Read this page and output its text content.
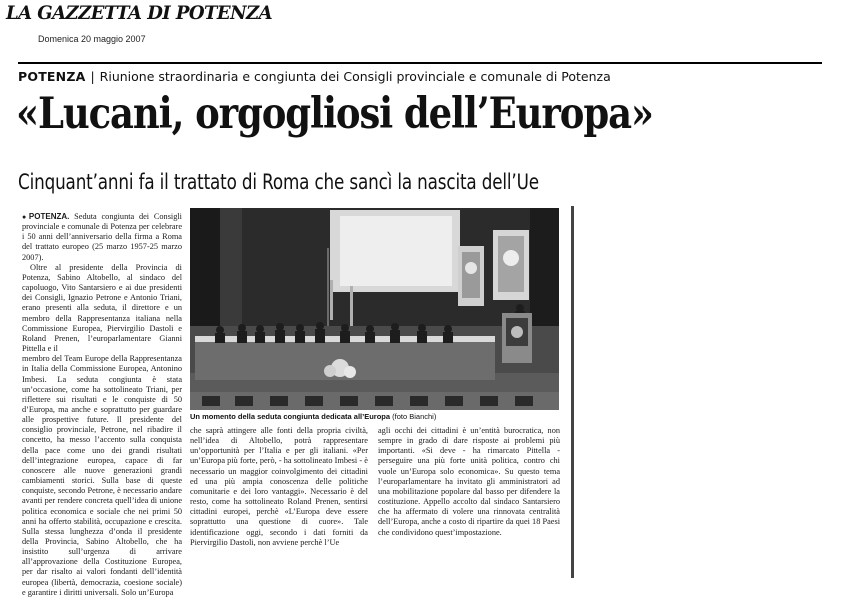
LA GAZZETTA DI POTENZA
Domenica 20 maggio 2007
POTENZA | Riunione straordinaria e congiunta dei Consigli provinciale e comunale di Potenza
«Lucani, orgogliosi dell’Europa»
Cinquant’anni fa il trattato di Roma che sancì la nascita dell’Ue

●POTENZA. Seduta congiunta dei Consigli provinciale e comunale di Potenza per celebrare i 50 anni dell’anniversario della firma a Roma del trattato europeo (25 marzo 1957-25 marzo 2007).

Oltre al presidente della Provincia di Potenza, Sabino Altobello, al sindaco del capoluogo, Vito Santarsiero e ai due presidenti dei Consigli, Ignazio Petrone e Antonio Triani, erano presenti alla seduta, il direttore e un membro della Rappresentanza italiana nella Commissione Europea, Piervirgilio Dastoli e Roland Prenen, l’europarlamentare Gianni Pittella e il

membro del Team Europe della Rappresentanza in Italia della Commissione Europea, Antonino Imbesi. La seduta congiunta è stata un’occasione, come ha sottolineato Triani, per riflettere sui risultati e le conquiste di 50 d’Europa, ma anche e soprattutto per guardare alle prospettive future. Il presidente del consiglio provinciale, Petrone, nel ribadire il concetto, ha messo l’accento sulla conquista della pace come uno dei grandi risultati dell’integrazione europea, capace di far conoscere alle nuove generazioni grandi cambiamenti storici. Sulla base di queste conquiste, secondo Petrone, è necessario andare avanti per rendere concreta quell’idea di unione politica economica e sociale che nei primi 50 anni ha offerto stabilità, occupazione e crescita. Sulla stessa lunghezza d’onda il presidente della Provincia, Sabino Altobello, che ha insistito sull’urgenza di arrivare all’approvazione della Costituzione Europea, per dar risalto ai valori fondanti dell’identità europea (libertà, democrazia, coesione sociale) e garantire i diritti universali. Solo un’Europa

Un momento della seduta congiunta dedicata all’Europa (foto Bianchi)

che saprà attingere alle fonti della propria civiltà, nell’idea di Altobello, potrà rappresentare un’opportunità per l’Italia e per gli italiani. «Per un’Europa più forte, però, - ha sottolineato Imbesi - è necessario un maggior coinvolgimento dei cittadini ed una più ampia conoscenza delle politiche comunitarie e dei loro vantaggi». Necessario è del resto, come ha sottolineato Roland Prenen, sentirsi cittadini europei, perchè «L’Europa deve essere soprattutto una questione di cuore». Tale identificazione oggi, secondo i dati forniti da Piervirgilio Dastoli, non avviene perchè l’Ue

agli occhi dei cittadini è un’entità burocratica, non sempre in grado di dare risposte ai problemi più importanti. «Si deve - ha rimarcato Pittella - perseguire una più forte unità politica, contro chi vuole un’Europa solo economica». Su questo tema l’europarlamentare ha invitato gli amministratori ad una mobilitazione popolare dal basso per difendere la costituzione. Appello accolto dal sindaco Santarsiero che ha affermato di volere una rinnovata centralità dell’Europa, anche a costo di ripartire da quei 18 Paesi che condividono quest’impostazione.
